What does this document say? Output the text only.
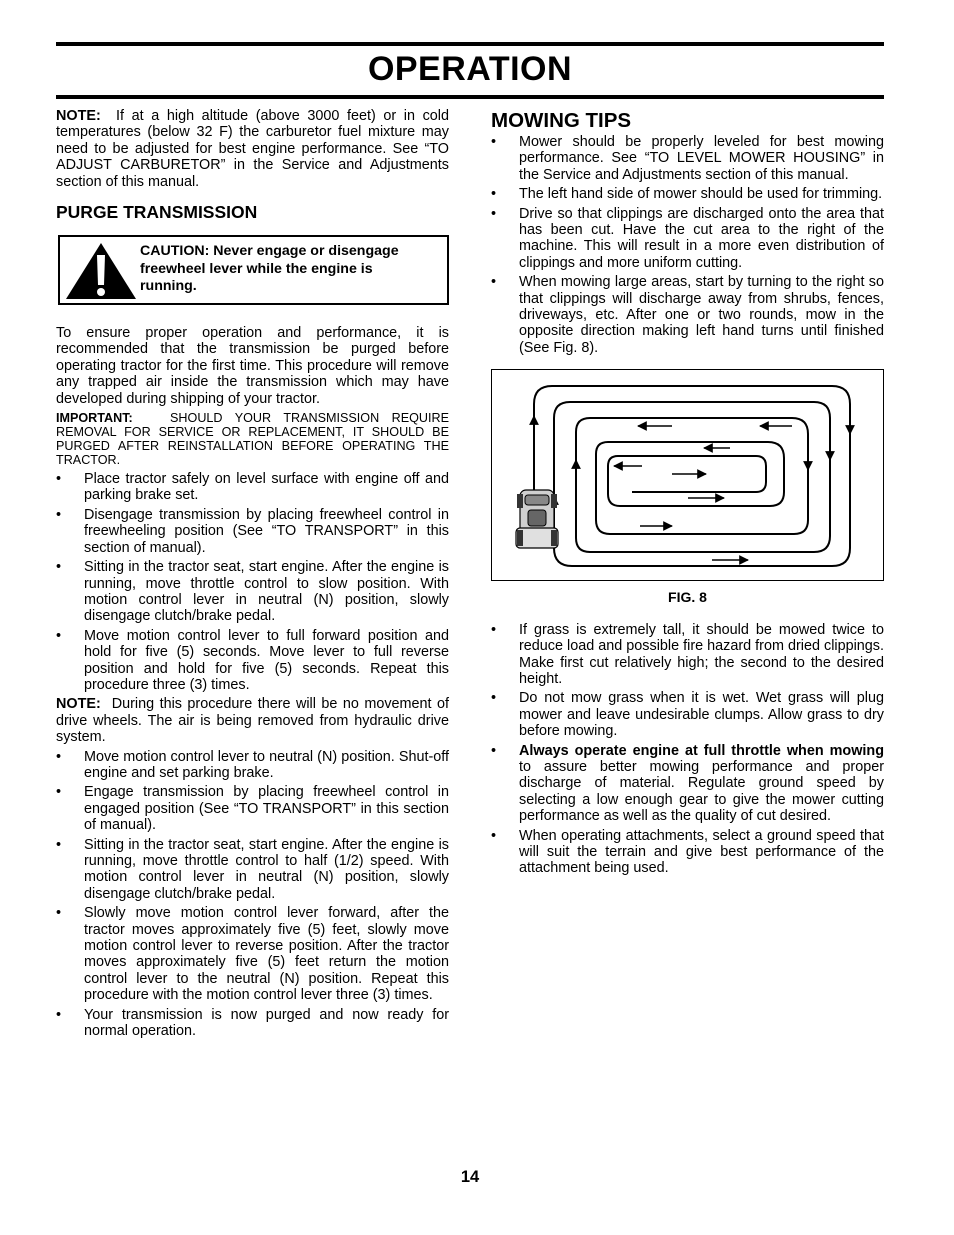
OPERATION

NOTE: If at a high altitude (above 3000 feet) or in cold temperatures (below 32 F) the carburetor fuel mixture may need to be adjusted for best engine performance. See “TO ADJUST CARBURETOR” in the Service and Adjustments section of this manual.

PURGE TRANSMISSION
CAUTION: Never engage or disengage freewheel lever while the engine is running.

To ensure proper operation and performance, it is recommended that the transmission be purged before operating tractor for the first time. This procedure will remove any trapped air inside the transmission which may have developed during shipping of your tractor.

IMPORTANT:	SHOULD YOUR TRANSMISSION REQUIRE REMOVAL FOR SERVICE OR REPLACEMENT, IT SHOULD BE PURGED AFTER REINSTALLATION BEFORE OPERATING THE TRACTOR.

• Place tractor safely on level surface with engine off and parking brake set.
• Disengage transmission by placing freewheel control in freewheeling position (See “TO TRANSPORT” in this section of manual).
• Sitting in the tractor seat, start engine. After the engine is running, move throttle control to slow position. With motion control lever in neutral (N) position, slowly disengage clutch/brake pedal.
• Move motion control lever to full forward position and hold for five (5) seconds. Move lever to full reverse position and hold for five (5) seconds. Repeat this procedure three (3) times.

NOTE: During this procedure there will be no movement of drive wheels. The air is being removed from hydraulic drive system.

• Move motion control lever to neutral (N) position. Shut-off engine and set parking brake.
• Engage transmission by placing freewheel control in engaged position (See “TO TRANSPORT” in this section of manual).
• Sitting in the tractor seat, start engine. After the engine is running, move throttle control to half (1/2) speed. With motion control lever in neutral (N) position, slowly disengage clutch/brake pedal.
• Slowly move motion control lever forward, after the tractor moves approximately five (5) feet, slowly move motion control lever to reverse position. After the tractor moves approximately five (5) feet return the motion control lever to the neutral (N) position. Repeat this procedure with the motion control lever three (3) times.
• Your transmission is now purged and now ready for normal operation.
MOWING TIPS
• Mower should be properly leveled for best mowing performance. See “TO LEVEL MOWER HOUSING” in the Service and Adjustments section of this manual.
• The left hand side of mower should be used for trimming.
• Drive so that clippings are discharged onto the area that has been cut. Have the cut area to the right of the machine. This will result in a more even distribution of clippings and more uniform cutting.
• When mowing large areas, start by turning to the right so that clippings will discharge away from shrubs, fences, driveways, etc. After one or two rounds, mow in the opposite direction making left hand turns until finished (See Fig. 8).
FIG. 8
• If grass is extremely tall, it should be mowed twice to reduce load and possible fire hazard from dried clippings. Make first cut relatively high; the second to the desired height.
• Do not mow grass when it is wet. Wet grass will plug mower and leave undesirable clumps. Allow grass to dry before mowing.
• Always operate engine at full throttle when mowing to assure better mowing performance and proper discharge of material. Regulate ground speed by selecting a low enough gear to give the mower cutting performance as well as the quality of cut desired.
• When operating attachments, select a ground speed that will suit the terrain and give best performance of the attachment being used.
14
